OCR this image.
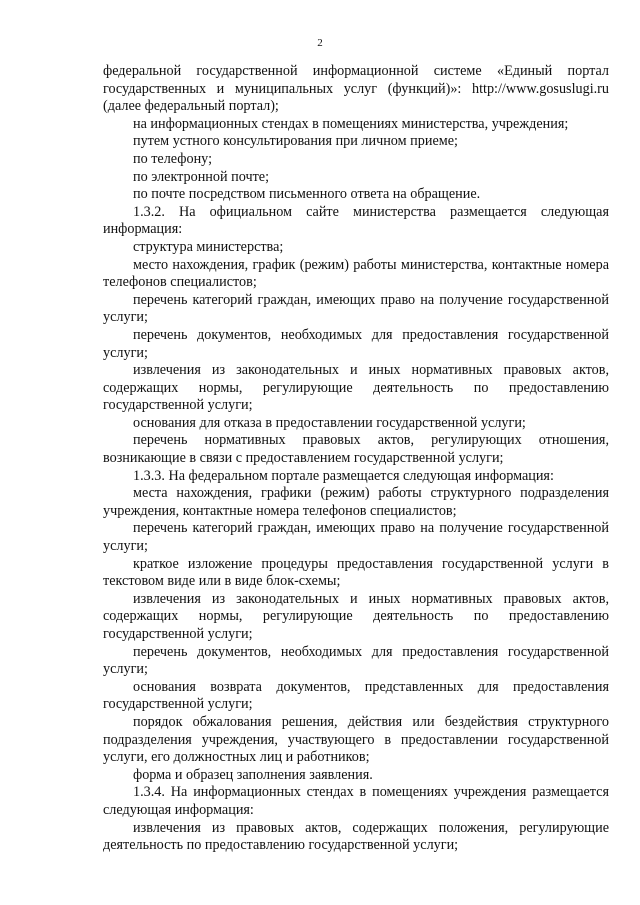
2

федеральной государственной информационной системе «Единый портал государственных и муниципальных услуг (функций)»: http://www.gosuslugi.ru (далее федеральный портал);

на информационных стендах в помещениях министерства, учреждения;

путем устного консультирования при личном приеме;

по телефону;

по электронной почте;

по почте посредством письменного ответа на обращение.

1.3.2. На официальном сайте министерства размещается следующая информация:

структура министерства;

место нахождения, график (режим) работы министерства, контактные номера телефонов специалистов;

перечень категорий граждан, имеющих право на получение государственной услуги;

перечень документов, необходимых для предоставления государственной услуги;

извлечения из законодательных и иных нормативных правовых актов, содержащих нормы, регулирующие деятельность по предоставлению государственной услуги;

основания для отказа в предоставлении государственной услуги;

перечень нормативных правовых актов, регулирующих отношения, возникающие в связи с предоставлением государственной услуги;

1.3.3. На федеральном портале размещается следующая информация:

места нахождения, графики (режим) работы структурного подразделения учреждения, контактные номера телефонов специалистов;

перечень категорий граждан, имеющих право на получение государственной услуги;

краткое изложение процедуры предоставления государственной услуги в текстовом виде или в виде блок-схемы;

извлечения из законодательных и иных нормативных правовых актов, содержащих нормы, регулирующие деятельность по предоставлению государственной услуги;

перечень документов, необходимых для предоставления государственной услуги;

основания возврата документов, представленных для предоставления государственной услуги;

порядок обжалования решения, действия или бездействия структурного подразделения учреждения, участвующего в предоставлении государственной услуги, его должностных лиц и работников;

форма и образец заполнения заявления.

1.3.4. На информационных стендах в помещениях учреждения размещается следующая информация:

извлечения из правовых актов, содержащих положения, регулирующие деятельность по предоставлению государственной услуги;
